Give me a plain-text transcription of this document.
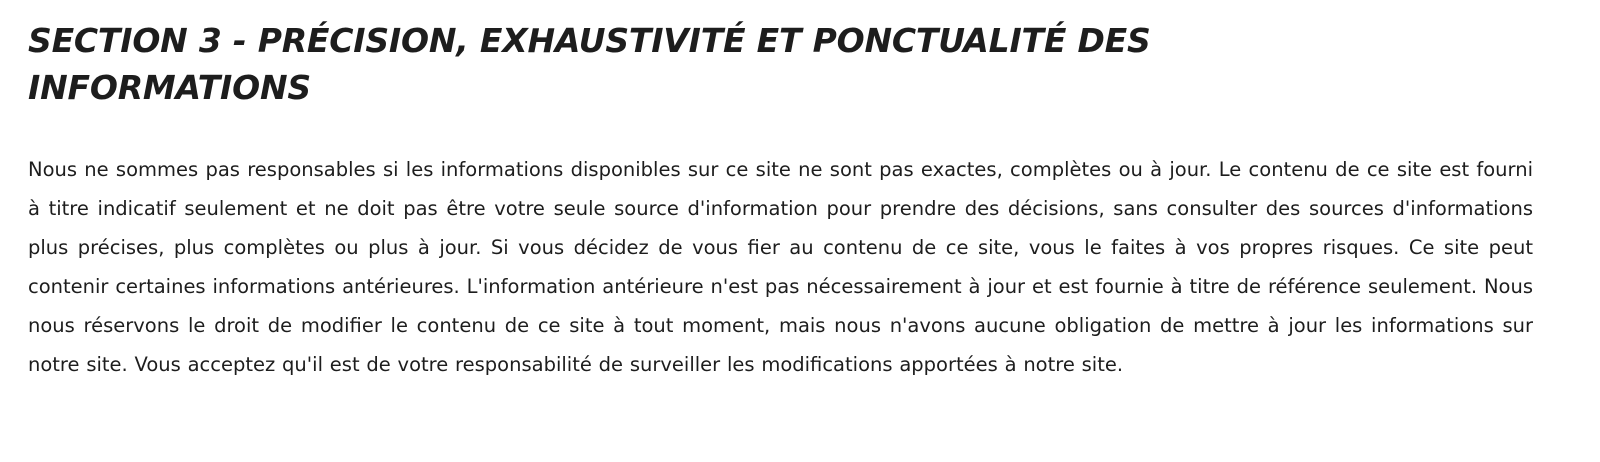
SECTION 3 - PRÉCISION, EXHAUSTIVITÉ ET PONCTUALITÉ DES INFORMATIONS

Nous ne sommes pas responsables si les informations disponibles sur ce site ne sont pas exactes, complètes ou à jour. Le contenu de ce site est fourni à titre indicatif seulement et ne doit pas être votre seule source d'information pour prendre des décisions, sans consulter des sources d'informations plus précises, plus complètes ou plus à jour. Si vous décidez de vous fier au contenu de ce site, vous le faites à vos propres risques. Ce site peut contenir certaines informations antérieures. L'information antérieure n'est pas nécessairement à jour et est fournie à titre de référence seulement. Nous nous réservons le droit de modifier le contenu de ce site à tout moment, mais nous n'avons aucune obligation de mettre à jour les informations sur notre site. Vous acceptez qu'il est de votre responsabilité de surveiller les modifications apportées à notre site.
